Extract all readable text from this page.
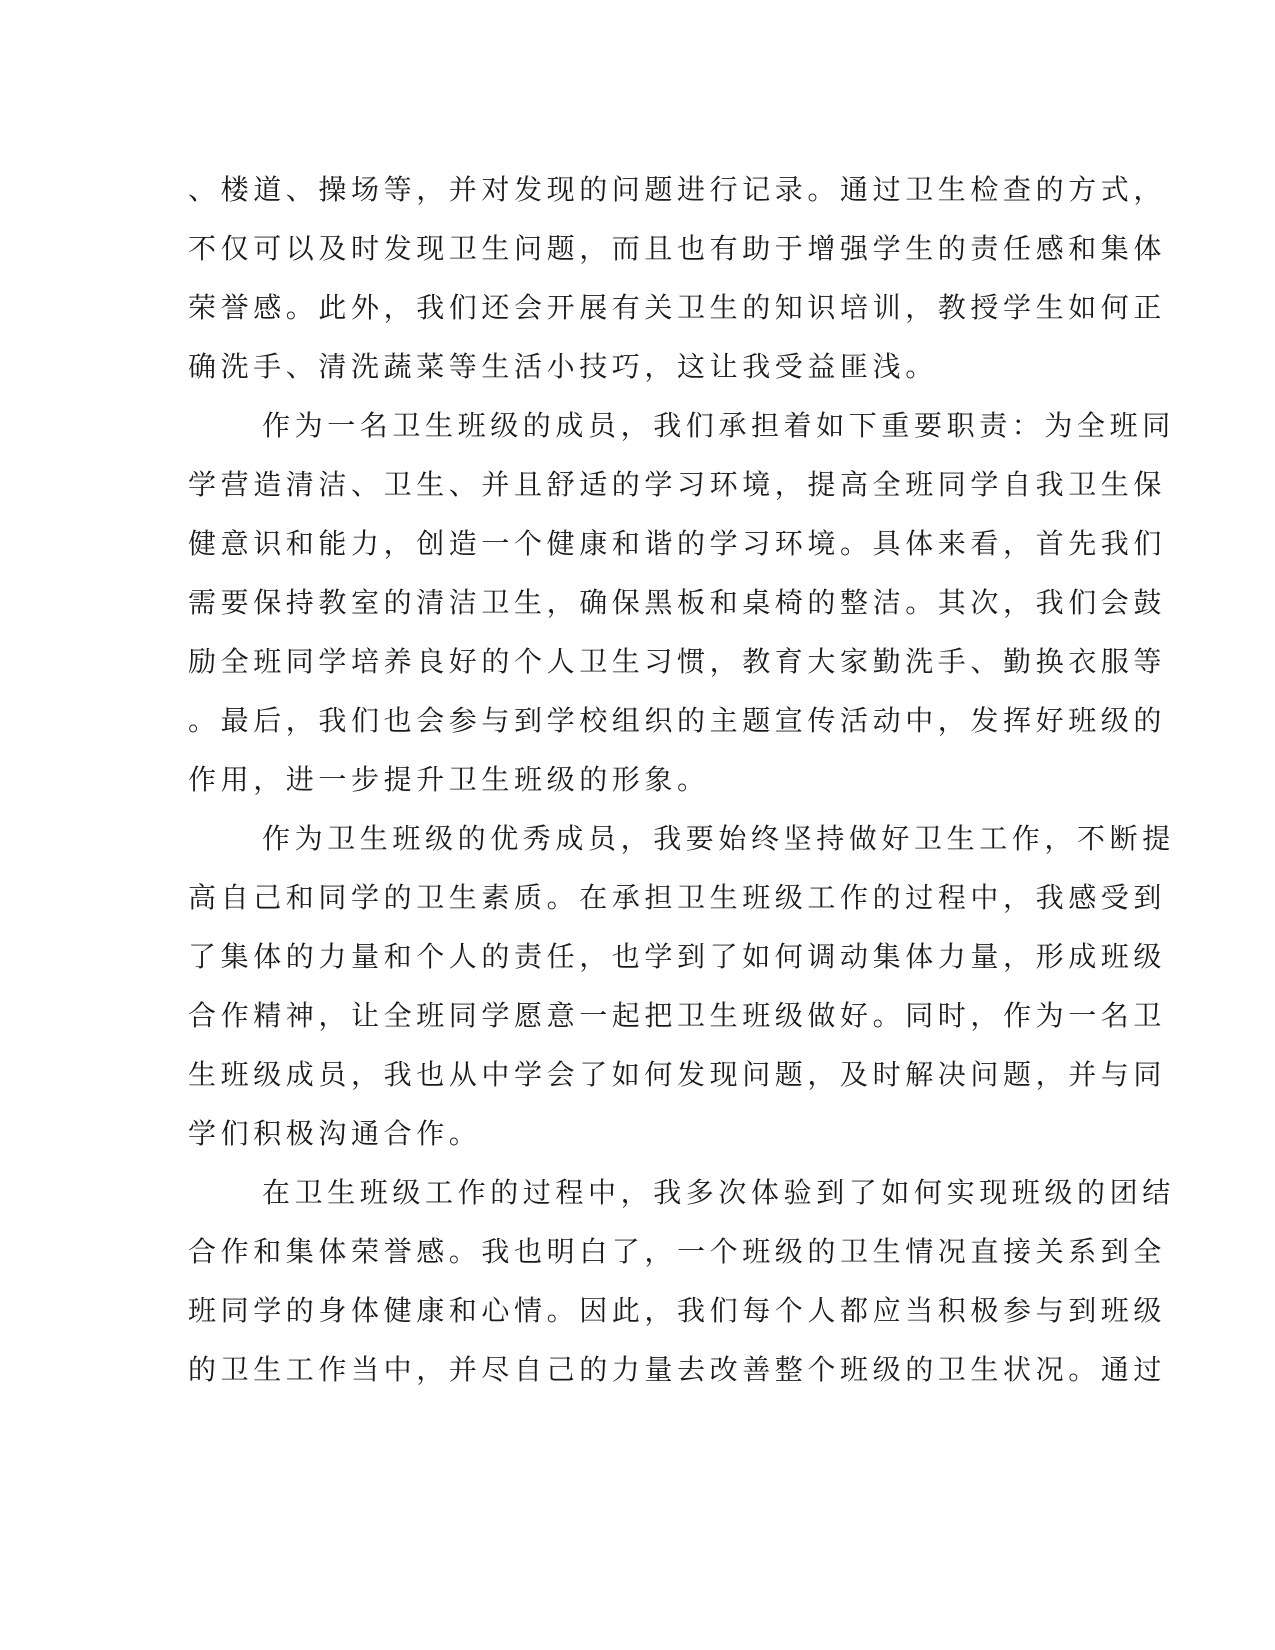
、楼道、操场等，并对发现的问题进行记录。通过卫生检查的方式，
不仅可以及时发现卫生问题，而且也有助于增强学生的责任感和集体
荣誉感。此外，我们还会开展有关卫生的知识培训，教授学生如何正
确洗手、清洗蔬菜等生活小技巧，这让我受益匪浅。
作为一名卫生班级的成员，我们承担着如下重要职责：为全班同
学营造清洁、卫生、并且舒适的学习环境，提高全班同学自我卫生保
健意识和能力，创造一个健康和谐的学习环境。具体来看，首先我们
需要保持教室的清洁卫生，确保黑板和桌椅的整洁。其次，我们会鼓
励全班同学培养良好的个人卫生习惯，教育大家勤洗手、勤换衣服等
。最后，我们也会参与到学校组织的主题宣传活动中，发挥好班级的
作用，进一步提升卫生班级的形象。
作为卫生班级的优秀成员，我要始终坚持做好卫生工作，不断提
高自己和同学的卫生素质。在承担卫生班级工作的过程中，我感受到
了集体的力量和个人的责任，也学到了如何调动集体力量，形成班级
合作精神，让全班同学愿意一起把卫生班级做好。同时，作为一名卫
生班级成员，我也从中学会了如何发现问题，及时解决问题，并与同
学们积极沟通合作。
在卫生班级工作的过程中，我多次体验到了如何实现班级的团结
合作和集体荣誉感。我也明白了，一个班级的卫生情况直接关系到全
班同学的身体健康和心情。因此，我们每个人都应当积极参与到班级
的卫生工作当中，并尽自己的力量去改善整个班级的卫生状况。通过
